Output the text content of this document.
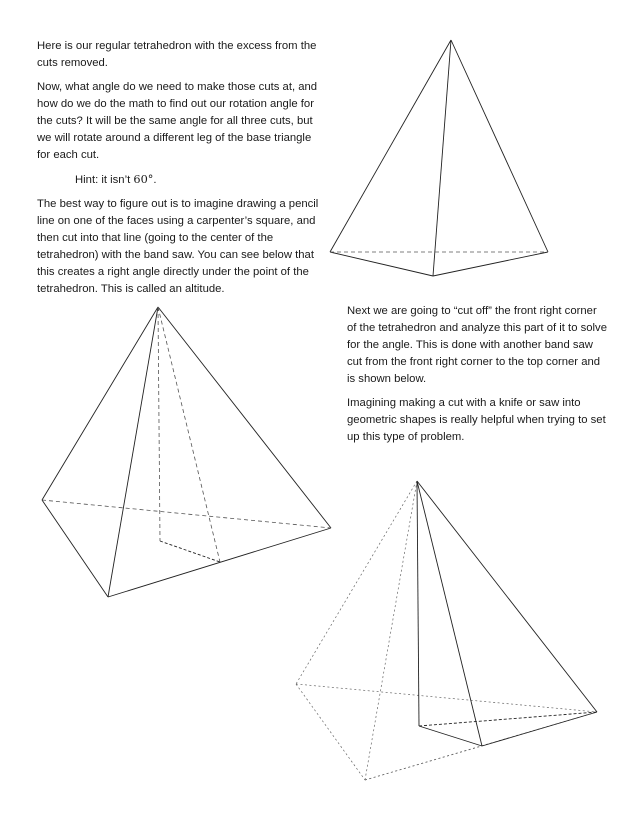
Here is our regular tetrahedron with the excess from the cuts removed.

Now, what angle do we need to make those cuts at, and how do we do the math to find out our rotation angle for the cuts? It will be the same angle for all three cuts, but we will rotate around a different leg of the base triangle for each cut.

Hint: it isn’t 60°.

The best way to figure out is to imagine drawing a pencil line on one of the faces using a carpenter’s square, and then cut into that line (going to the center of the tetrahedron) with the band saw. You can see below that this creates a right angle directly under the point of the tetrahedron. This is called an altitude.

Next we are going to “cut off” the front right corner of the tetrahedron and analyze this part of it to solve for the angle. This is done with another band saw cut from the front right corner to the top corner and is shown below.

Imagining making a cut with a knife or saw into geometric shapes is really helpful when trying to set up this type of problem.
